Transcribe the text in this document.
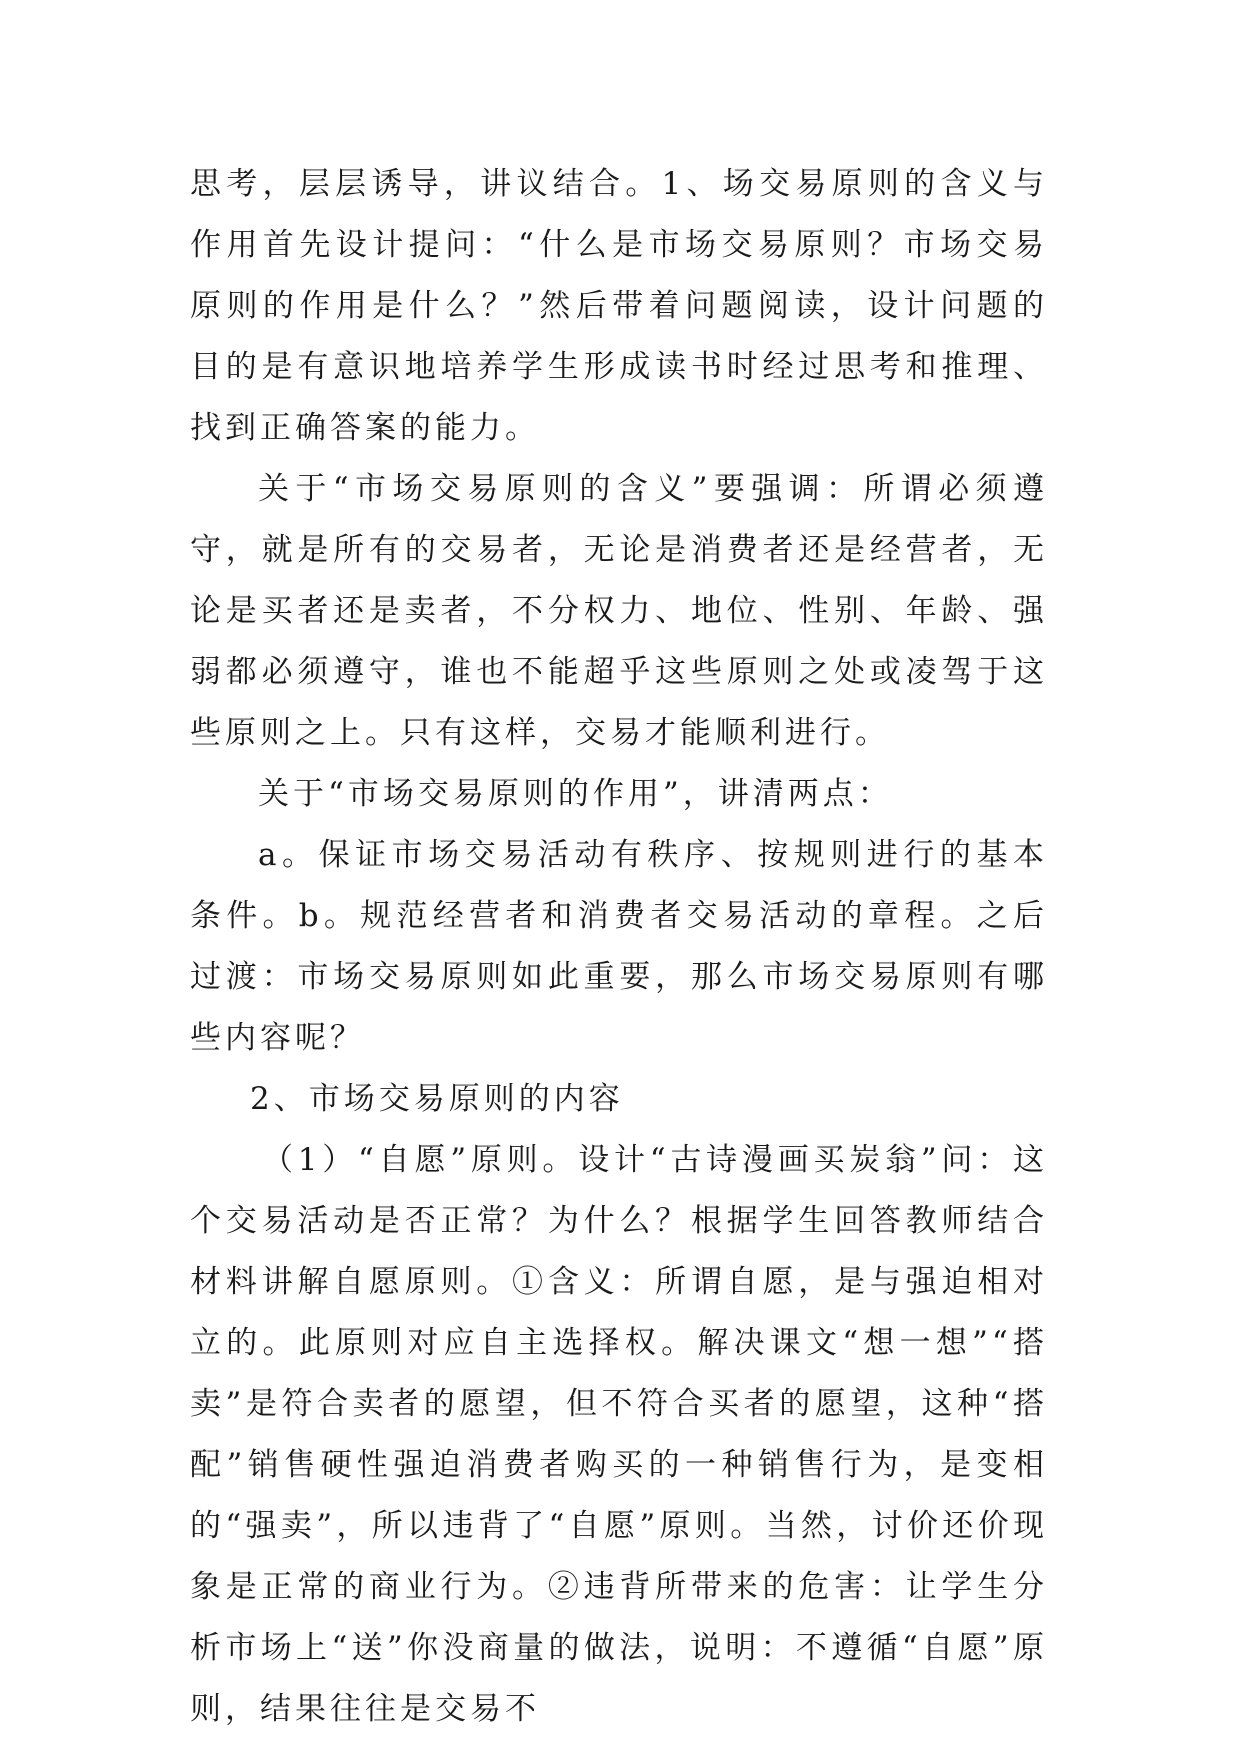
思考，层层诱导，讲议结合。1、场交易原则的含义与作用首先设计提问：“什么是市场交易原则？市场交易原则的作用是什么？”然后带着问题阅读，设计问题的目的是有意识地培养学生形成读书时经过思考和推理、找到正确答案的能力。

关于“市场交易原则的含义”要强调：所谓必须遵守，就是所有的交易者，无论是消费者还是经营者，无论是买者还是卖者，不分权力、地位、性别、年龄、强弱都必须遵守，谁也不能超乎这些原则之处或凌驾于这些原则之上。只有这样，交易才能顺利进行。

关于“市场交易原则的作用”，讲清两点：

a。保证市场交易活动有秩序、按规则进行的基本条件。b。规范经营者和消费者交易活动的章程。之后过渡：市场交易原则如此重要，那么市场交易原则有哪些内容呢？

2、市场交易原则的内容

（1）“自愿”原则。设计“古诗漫画买炭翁”问：这个交易活动是否正常？为什么？根据学生回答教师结合材料讲解自愿原则。①含义：所谓自愿，是与强迫相对立的。此原则对应自主选择权。解决课文“想一想”“搭卖”是符合卖者的愿望，但不符合买者的愿望，这种“搭配”销售硬性强迫消费者购买的一种销售行为，是变相的“强卖”，所以违背了“自愿”原则。当然，讨价还价现象是正常的商业行为。②违背所带来的危害：让学生分析市场上“送”你没商量的做法，说明：不遵循“自愿”原则，结果往往是交易不
